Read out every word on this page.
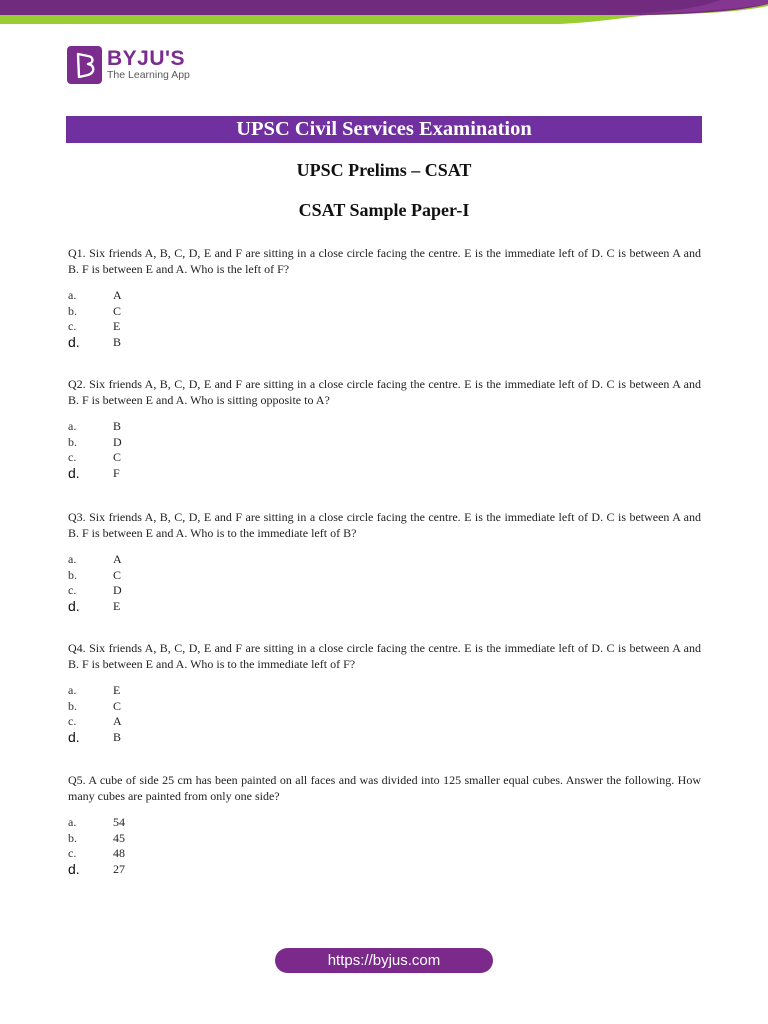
BYJU'S
The Learning App
UPSC Civil Services Examination
UPSC Prelims – CSAT
CSAT Sample Paper-I

Q1. Six friends A, B, C, D, E and F are sitting in a close circle facing the centre. E is the immediate left of D. C is between A and B. F is between E and A. Who is the left of F?

a.	A
b.	C
c.	E
d.	B

Q2. Six friends A, B, C, D, E and F are sitting in a close circle facing the centre. E is the immediate left of D. C is between A and B. F is between E and A. Who is sitting opposite to A?

a.	B
b.	D
c.	C
d.	F

Q3. Six friends A, B, C, D, E and F are sitting in a close circle facing the centre. E is the immediate left of D. C is between A and B. F is between E and A. Who is to the immediate left of B?

a.	A
b.	C
c.	D
d.	E

Q4. Six friends A, B, C, D, E and F are sitting in a close circle facing the centre. E is the immediate left of D. C is between A and B. F is between E and A. Who is to the immediate left of F?

a.	E
b.	C
c.	A
d.	B

Q5. A cube of side 25 cm has been painted on all faces and was divided into 125 smaller equal cubes. Answer the following. How many cubes are painted from only one side?

a.	54
b.	45
c.	48
d.	27
https://byjus.com
